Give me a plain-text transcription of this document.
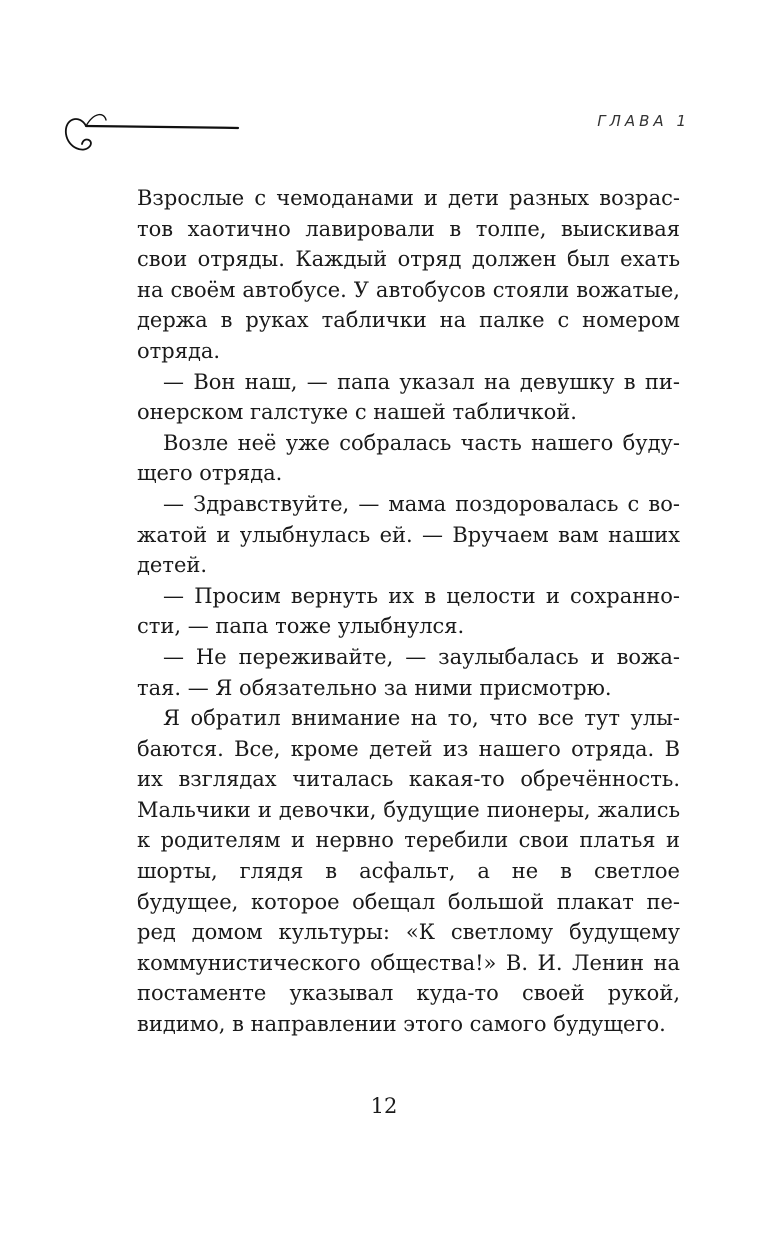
ГЛАВА 1

Взрослые с чемоданами и дети разных возрастов хаотично лавировали в толпе, выискивая свои отряды. Каждый отряд должен был ехать на своём автобусе. У автобусов стояли вожатые, держа в руках таблички на палке с номером отряда.

— Вон наш, — папа указал на девушку в пионерском галстуке с нашей табличкой.

Возле неё уже собралась часть нашего будущего отряда.

— Здравствуйте, — мама поздоровалась с вожатой и улыбнулась ей. — Вручаем вам наших детей.

— Просим вернуть их в целости и сохранности, — папа тоже улыбнулся.

— Не переживайте, — заулыбалась и вожатая. — Я обязательно за ними присмотрю.

Я обратил внимание на то, что все тут улыбаются. Все, кроме детей из нашего отряда. В их взглядах читалась какая-то обречённость. Мальчики и девочки, будущие пионеры, жались к родителям и нервно теребили свои платья и шорты, глядя в асфальт, а не в светлое будущее, которое обещал большой плакат перед домом культуры: «К светлому будущему коммунистического общества!» В. И. Ленин на постаменте указывал куда-то своей рукой, видимо, в направлении этого самого будущего.

12
